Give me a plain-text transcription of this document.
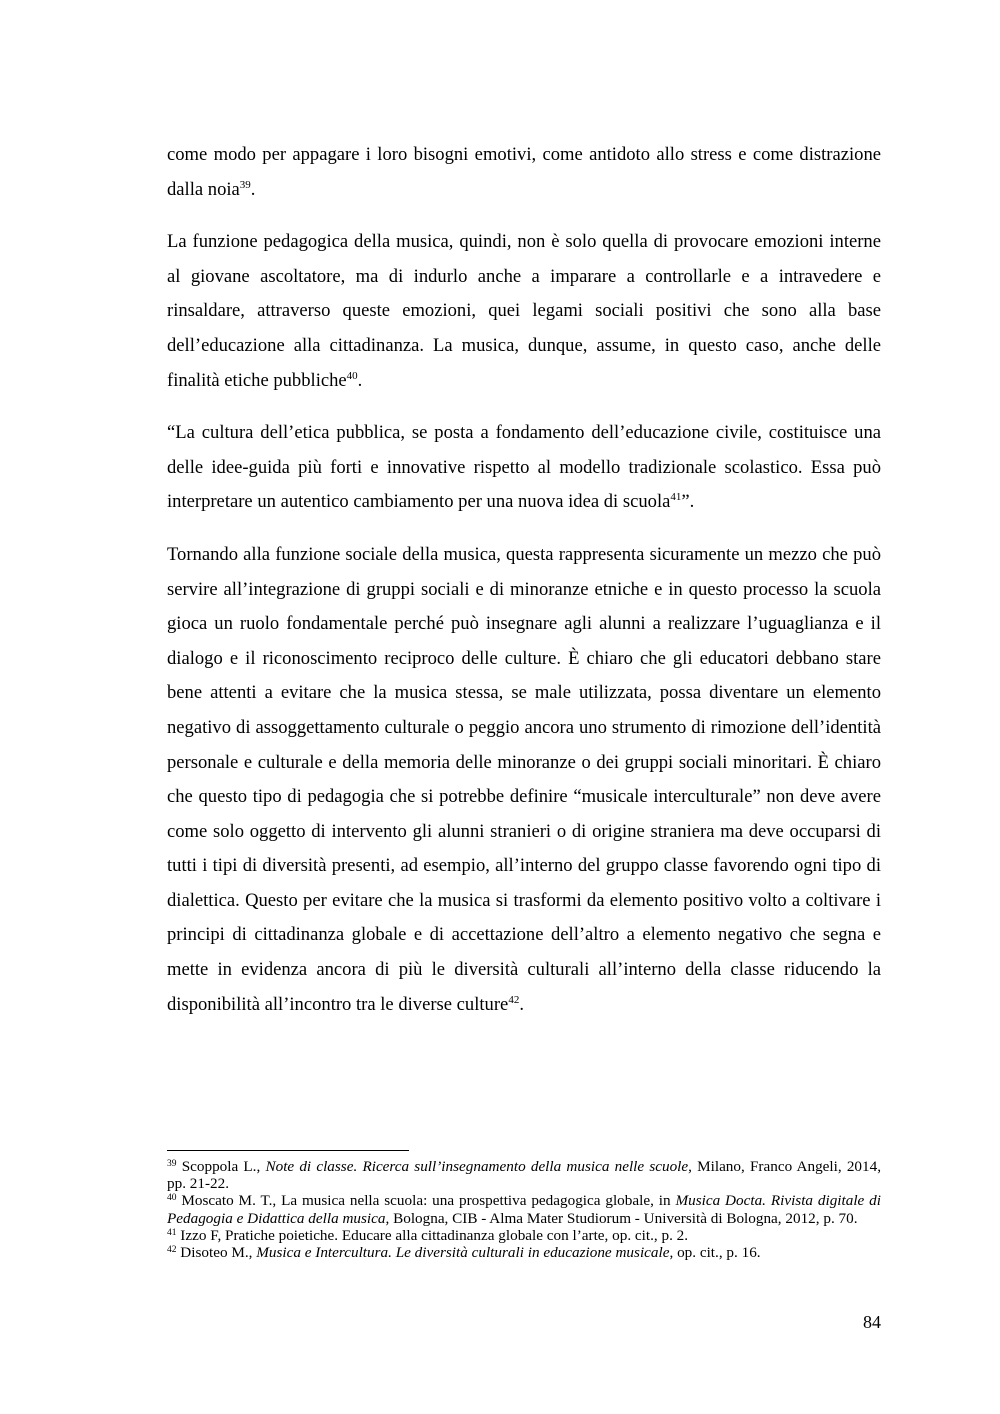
come modo per appagare i loro bisogni emotivi, come antidoto allo stress e come distrazione dalla noia$^{39}$.

La funzione pedagogica della musica, quindi, non è solo quella di provocare emozioni interne al giovane ascoltatore, ma di indurlo anche a imparare a controllarle e a intravedere e rinsaldare, attraverso queste emozioni, quei legami sociali positivi che sono alla base dell’educazione alla cittadinanza. La musica, dunque, assume, in questo caso, anche delle finalità etiche pubbliche$^{40}$.

“La cultura dell’etica pubblica, se posta a fondamento dell’educazione civile, costituisce una delle idee-guida più forti e innovative rispetto al modello tradizionale scolastico. Essa può interpretare un autentico cambiamento per una nuova idea di scuola$^{41}$”.

Tornando alla funzione sociale della musica, questa rappresenta sicuramente un mezzo che può servire all’integrazione di gruppi sociali e di minoranze etniche e in questo processo la scuola gioca un ruolo fondamentale perché può insegnare agli alunni a realizzare l’uguaglianza e il dialogo e il riconoscimento reciproco delle culture. È chiaro che gli educatori debbano stare bene attenti a evitare che la musica stessa, se male utilizzata, possa diventare un elemento negativo di assoggettamento culturale o peggio ancora uno strumento di rimozione dell’identità personale e culturale e della memoria delle minoranze o dei gruppi sociali minoritari. È chiaro che questo tipo di pedagogia che si potrebbe definire “musicale interculturale” non deve avere come solo oggetto di intervento gli alunni stranieri o di origine straniera ma deve occuparsi di tutti i tipi di diversità presenti, ad esempio, all’interno del gruppo classe favorendo ogni tipo di dialettica. Questo per evitare che la musica si trasformi da elemento positivo volto a coltivare i principi di cittadinanza globale e di accettazione dell’altro a elemento negativo che segna e mette in evidenza ancora di più le diversità culturali all’interno della classe riducendo la disponibilità all’incontro tra le diverse culture$^{42}$.

$^{39}$ Scoppola L., Note di classe. Ricerca sull’insegnamento della musica nelle scuole, Milano, Franco Angeli, 2014, pp. 21-22.

$^{40}$ Moscato M. T., La musica nella scuola: una prospettiva pedagogica globale, in Musica Docta. Rivista digitale di Pedagogia e Didattica della musica, Bologna, CIB - Alma Mater Studiorum - Università di Bologna, 2012, p. 70.

$^{41}$ Izzo F, Pratiche poietiche. Educare alla cittadinanza globale con l’arte, op. cit., p. 2.

$^{42}$ Disoteo M., Musica e Intercultura. Le diversità culturali in educazione musicale, op. cit., p. 16.

84
